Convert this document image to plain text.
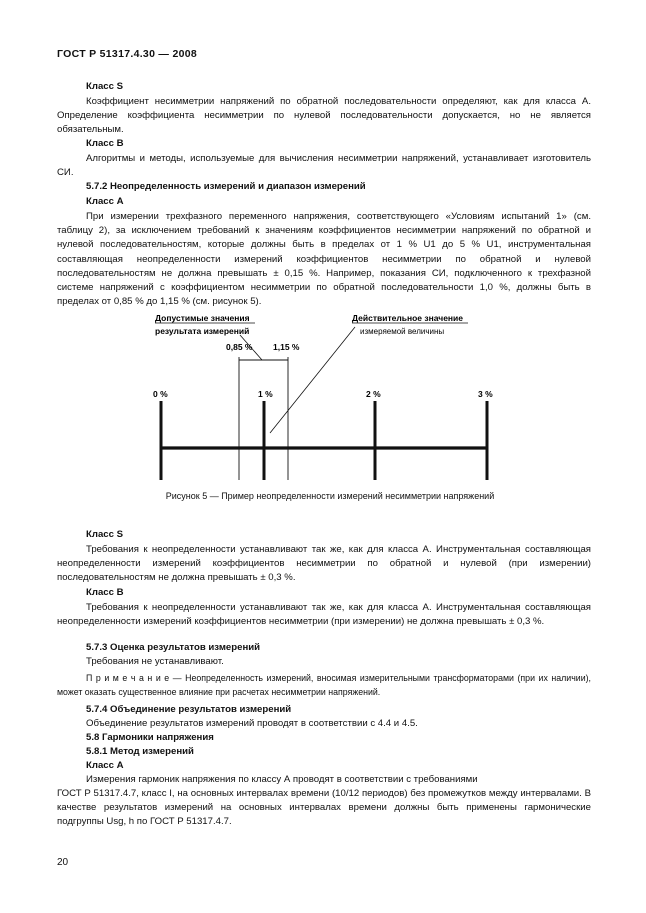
ГОСТ Р 51317.4.30 — 2008
Класс S
Коэффициент несимметрии напряжений по обратной последовательности определяют, как для класса А. Определение коэффициента несимметрии по нулевой последовательности допускается, но не является обязательным.
Класс В
Алгоритмы и методы, используемые для вычисления несимметрии напряжений, устанавливает изготовитель СИ.
5.7.2 Неопределенность измерений и диапазон измерений
Класс А
При измерении трехфазного переменного напряжения, соответствующего «Условиям испытаний 1» (см. таблицу 2), за исключением требований к значениям коэффициентов несимметрии напряжений по обратной и нулевой последовательностям, которые должны быть в пределах от 1 % U1 до 5 % U1, инструментальная составляющая неопределенности измерений коэффициентов несимметрии по обратной и нулевой последовательностям не должна превышать ± 0,15 %. Например, показания СИ, подключенного к трехфазной системе напряжений с коэффициентом несимметрии по обратной последовательности 1,0 %, должны быть в пределах от 0,85 % до 1,15 % (см. рисунок 5).
Допустимые значения
результата измерений
Действительное значение
измеряемой величины
0,85 % 1,15 %
0 %	1 %	2 %	3 %
Рисунок 5 — Пример неопределенности измерений несимметрии напряжений
Класс S
Требования к неопределенности устанавливают так же, как для класса А. Инструментальная составляющая неопределенности измерений коэффициентов несимметрии по обратной и нулевой (при измерении) последовательностям не должна превышать ± 0,3 %.
Класс В
Требования к неопределенности устанавливают так же, как для класса А. Инструментальная составляющая неопределенности измерений коэффициентов несимметрии (при измерении) не должна превышать ± 0,3 %.
5.7.3 Оценка результатов измерений
Требования не устанавливают.
П р и м е ч а н и е — Неопределенность измерений, вносимая измерительными трансформаторами (при их наличии), может оказать существенное влияние при расчетах несимметрии напряжений.
5.7.4 Объединение результатов измерений
Объединение результатов измерений проводят в соответствии с 4.4 и 4.5.
5.8 Гармоники напряжения
5.8.1 Метод измерений
Класс А
Измерения гармоник напряжения по классу А проводят в соответствии с требованиями
ГОСТ Р 51317.4.7, класс I, на основных интервалах времени (10/12 периодов) без промежутков между интервалами. В качестве результатов измерений на основных интервалах времени должны быть применены гармонические подгруппы Usg, h по ГОСТ Р 51317.4.7.
20
